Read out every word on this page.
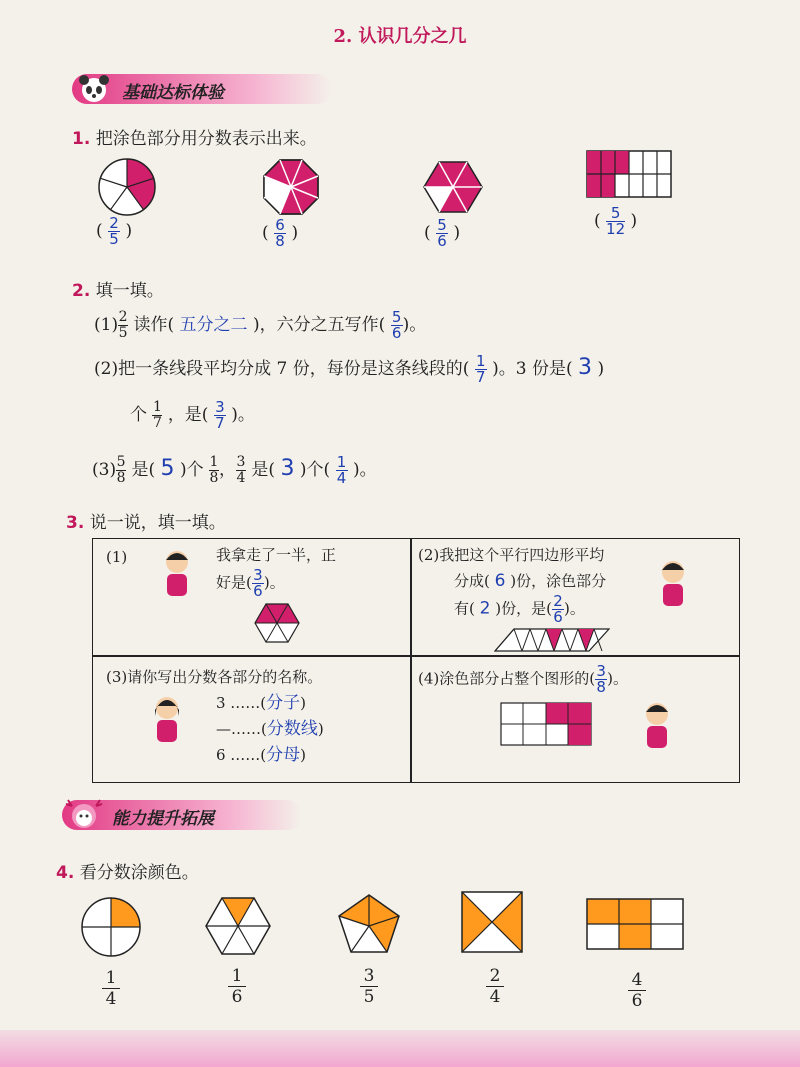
2. 认识几分之几
基础达标体验
1. 把涂色部分用分数表示出来。
( $\frac{2}{5}$ )	( $\frac{6}{8}$ )	( $\frac{5}{6}$ )
( $\frac{5}{12}$ )
2. 填一填。
$(1) \frac{2}{5}$ 读作( 五分之二 )，六分之五写作( $\frac{5}{6}$ )。
(2)把一条线段平均分成 7 份，每份是这条线段的( $\frac{1}{7}$ )。3 份是( 3 )
个 $\frac{1}{7}$ ，是( $\frac{3}{7}$ )。
$(3) \frac{5}{8}$ 是( 5 )个 $\frac{1}{8}$ ， $\frac{3}{4}$ 是( 3 )个( $\frac{1}{4}$ )。
3. 说一说，填一填。
(1)	我拿走了一半，正
好是( $\frac{3}{6}$ )。
(2)我把这个平行四边形平均
分成( 6 )份，涂色部分
有( 2 )份，是( $\frac{2}{6}$ )。
(3)请你写出分数各部分的名称。
3 ……(分子)
—……(分数线)
6 ……(分母)
(4)涂色部分占整个图形的( $\frac{3}{8}$ )。
能力提升拓展
4. 看分数涂颜色。
1
4
1
6
3
5
2
4
4
6
